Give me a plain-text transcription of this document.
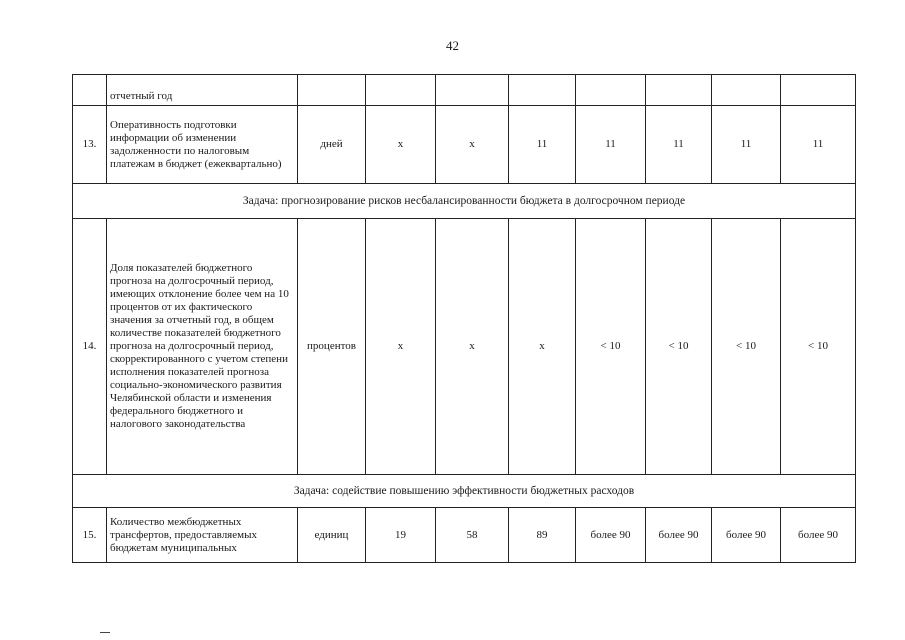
42
	отчетный год								
13.	Оперативность подготовки информации об изменении задолженности по налоговым платежам в бюджет (ежеквартально)	дней	х	х	11	11	11	11	11
Задача: прогнозирование рисков несбалансированности бюджета в долгосрочном периоде									
14.	Доля показателей бюджетного прогноза на долгосрочный период, имеющих отклонение более чем на 10 процентов от их фактического значения за отчетный год, в общем количестве показателей бюджетного прогноза на долгосрочный период, скорректированного с учетом степени исполнения показателей прогноза социально-экономического развития Челябинской области и изменения федерального бюджетного и налогового законодательства	процентов	х	х	х	< 10	< 10	< 10	< 10
Задача: содействие повышению эффективности бюджетных расходов									
15.	Количество межбюджетных трансфертов, предоставляемых бюджетам муниципальных	единиц	19	58	89	более 90	более 90	более 90	более 90
